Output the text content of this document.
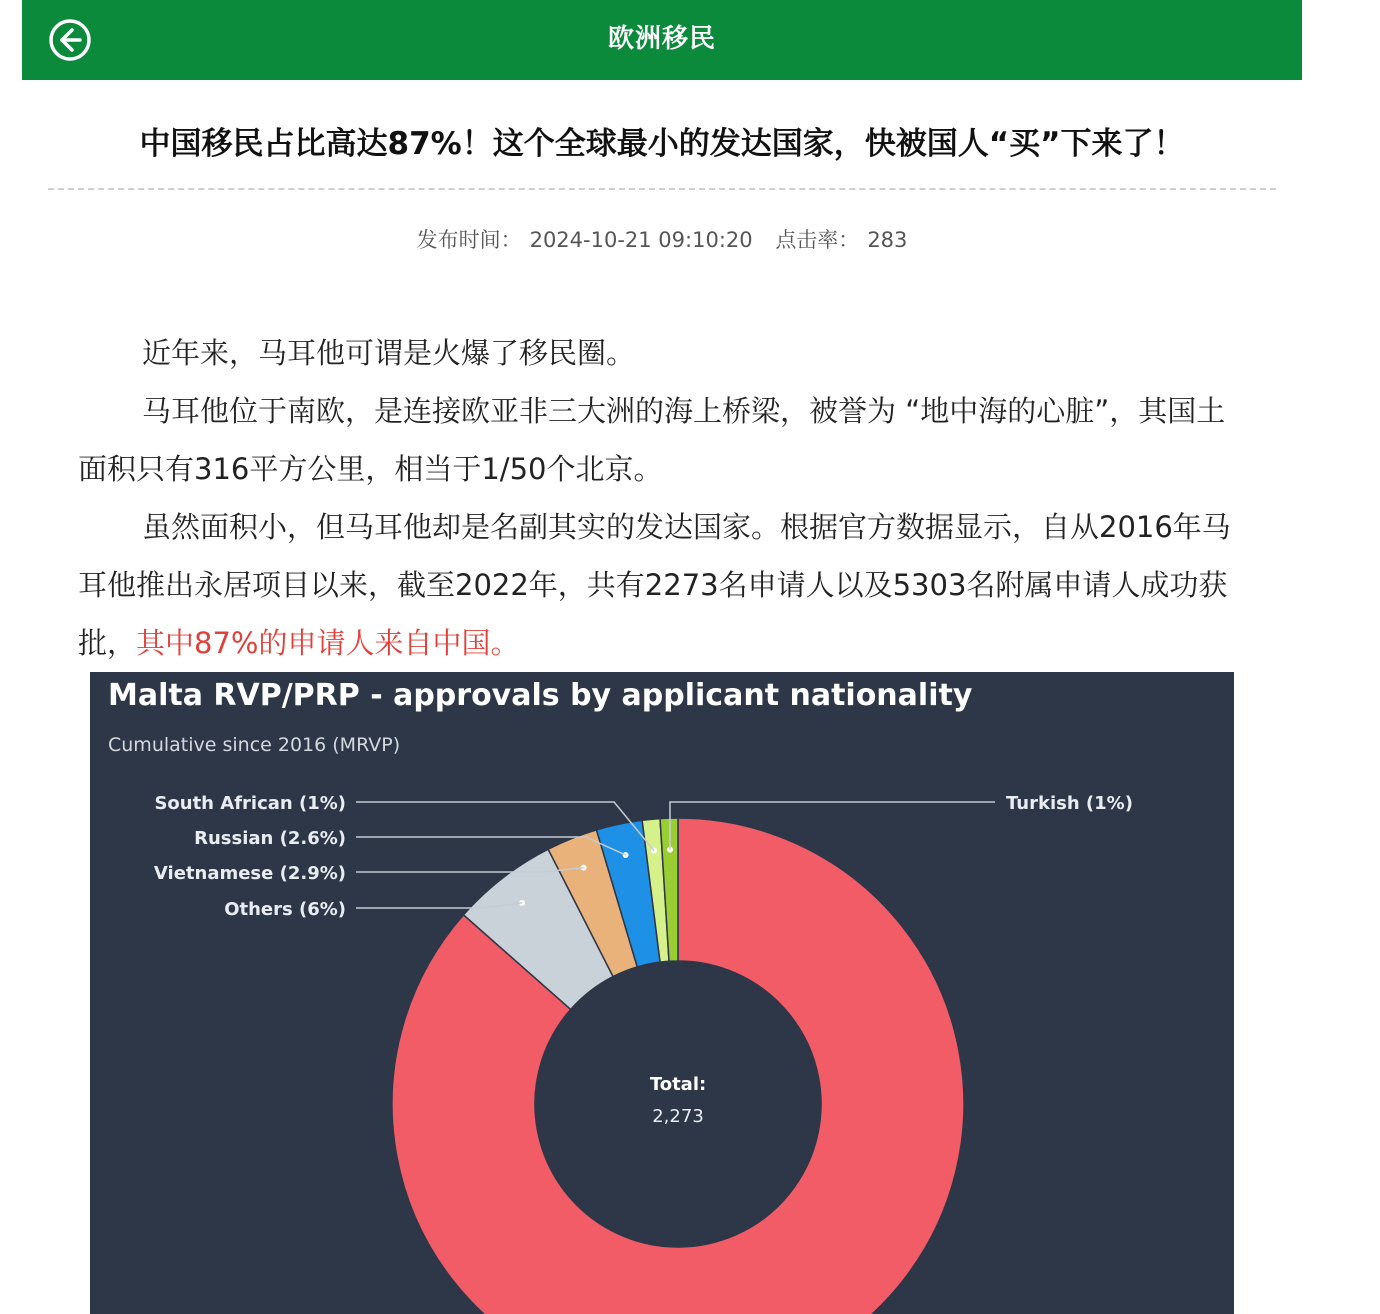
欧洲移民
中国移民占比高达87%！这个全球最小的发达国家，快被国人“买”下来了！
发布时间： 2024-10-21 09:10:20 点击率： 283

近年来，马耳他可谓是火爆了移民圈。

马耳他位于南欧，是连接欧亚非三大洲的海上桥梁，被誉为 “地中海的心脏”，其国土面积只有316平方公里，相当于1/50个北京。

虽然面积小，但马耳他却是名副其实的发达国家。根据官方数据显示，自从2016年马耳他推出永居项目以来，截至2022年，共有2273名申请人以及5303名附属申请人成功获批，其中87%的申请人来自中国。

Others (6%)
Vietnamese (2.9%)
Russian (2.6%)
South African (1%)	Turkish (1%)
Total:
2,273
Malta RVP/PRP - approvals by applicant nationality
Cumulative since 2016 (MRVP)
